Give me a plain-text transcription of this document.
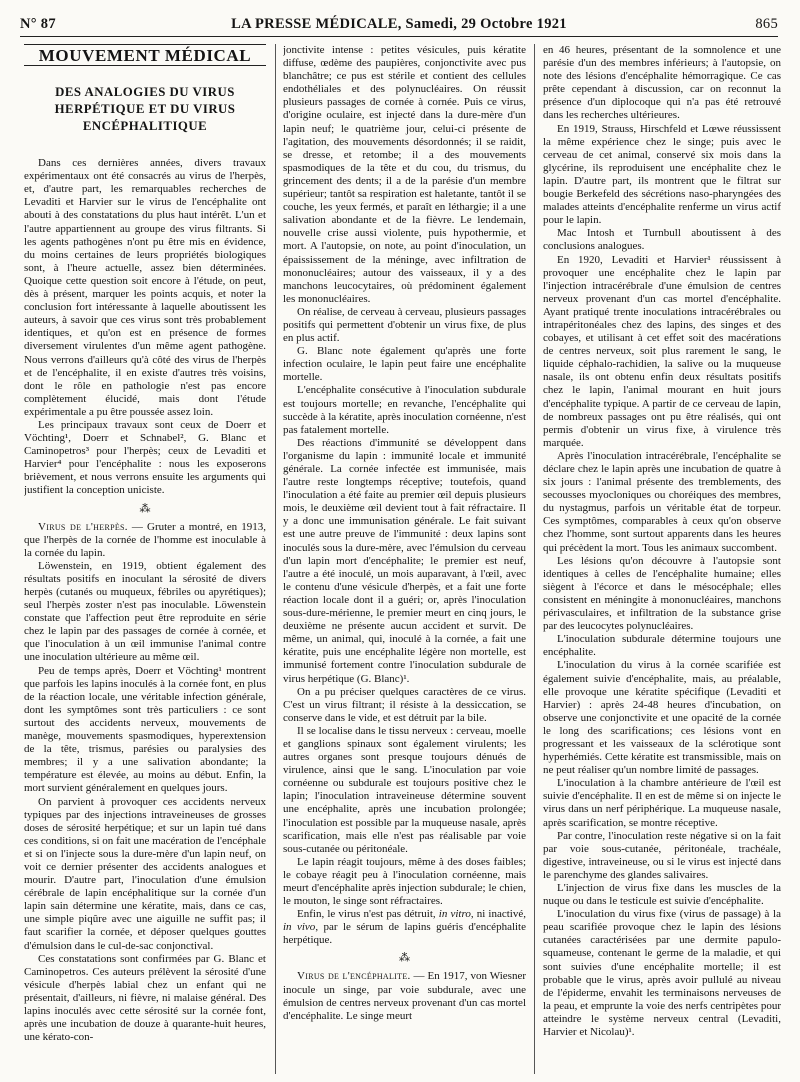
N° 87	LA PRESSE MÉDICALE, Samedi, 29 Octobre 1921	865
MOUVEMENT MÉDICAL
DES ANALOGIES DU VIRUS HERPÉTIQUE ET DU VIRUS ENCÉPHALITIQUE

Dans ces dernières années, divers travaux expérimentaux ont été consacrés au virus de l'herpès, et, d'autre part, les remarquables recherches de Levaditi et Harvier sur le virus de l'encéphalite ont abouti à des constatations du plus haut intérêt. L'un et l'autre appartiennent au groupe des virus filtrants. Si les agents pathogènes n'ont pu être mis en évidence, du moins certaines de leurs propriétés biologiques sont, à l'heure actuelle, assez bien déterminées. Quoique cette question soit encore à l'étude, on peut, dès à présent, marquer les points acquis, et noter la conclusion fort intéressante à laquelle aboutissent les auteurs, à savoir que ces virus sont très probablement identiques, et qu'on est en présence de formes diversement virulentes d'un même agent pathogène. Nous verrons d'ailleurs qu'à côté des virus de l'herpès et de l'encéphalite, il en existe d'autres très voisins, dont le rôle en pathologie n'est pas encore complètement élucidé, mais dont l'étude expérimentale a pu être poussée assez loin.

Les principaux travaux sont ceux de Doerr et Vöchting¹, Doerr et Schnabel², G. Blanc et Caminopetros³ pour l'herpès; ceux de Levaditi et Harvier⁴ pour l'encéphalite : nous les exposerons brièvement, et nous verrons ensuite les arguments qui justifient la conception uniciste.

⁂

Virus de l'herpès. — Gruter a montré, en 1913, que l'herpès de la cornée de l'homme est inoculable à la cornée du lapin.

Löwenstein, en 1919, obtient également des résultats positifs en inoculant la sérosité de divers herpès (cutanés ou muqueux, fébriles ou apyrétiques); seul l'herpès zoster n'est pas inoculable. Löwenstein constate que l'affection peut être reproduite en série chez le lapin par des passages de cornée à cornée, et que l'inoculation à un œil immunise l'animal contre une inoculation ultérieure au même œil.

Peu de temps après, Doerr et Vöchting¹ montrent que parfois les lapins inoculés à la cornée font, en plus de la réaction locale, une véritable infection générale, dont les symptômes sont très particuliers : ce sont surtout des accidents nerveux, mouvements de manège, mouvements spasmodiques, hyperextension de la tête, trismus, parésies ou paralysies des membres; il y a une salivation abondante; la température est élevée, au moins au début. Enfin, la mort survient généralement en quelques jours.

On parvient à provoquer ces accidents nerveux typiques par des injections intraveineuses de grosses doses de sérosité herpétique; et sur un lapin tué dans ces conditions, si on fait une macération de l'encéphale et si on l'injecte sous la dure-mère d'un lapin neuf, on voit ce dernier présenter des accidents analogues et mourir. D'autre part, l'inoculation d'une émulsion cérébrale de lapin encéphalitique sur la cornée d'un lapin sain détermine une kératite, mais, dans ce cas, une simple piqûre avec une aiguille ne suffit pas; il faut scarifier la cornée, et déposer quelques gouttes d'émulsion dans le cul-de-sac conjonctival.

Ces constatations sont confirmées par G. Blanc et Caminopetros. Ces auteurs prélèvent la sérosité d'une vésicule d'herpès labial chez un enfant qui ne présentait, d'ailleurs, ni fièvre, ni malaise général. Des lapins inoculés avec cette sérosité sur la cornée font, après une incubation de douze à quarante-huit heures, une kérato-con-

jonctivite intense : petites vésicules, puis kératite diffuse, œdème des paupières, conjonctivite avec pus blanchâtre; ce pus est stérile et contient des cellules endothéliales et des polynucléaires. On réussit plusieurs passages de cornée à cornée. Puis ce virus, d'origine oculaire, est injecté dans la dure-mère d'un lapin neuf; le quatrième jour, celui-ci présente de l'agitation, des mouvements désordonnés; il se raidit, se dresse, et retombe; il a des mouvements spasmodiques de la tête et du cou, du trismus, du grincement des dents; il a de la parésie d'un membre supérieur; tantôt sa respiration est haletante, tantôt il se couche, les yeux fermés, et paraît en léthargie; il a une salivation abondante et de la fièvre. Le lendemain, nouvelle crise aussi violente, puis hypothermie, et mort. A l'autopsie, on note, au point d'inoculation, un épaississement de la méninge, avec infiltration de mononucléaires; autour des vaisseaux, il y a des manchons leucocytaires, où prédominent également les mononucléaires.

On réalise, de cerveau à cerveau, plusieurs passages positifs qui permettent d'obtenir un virus fixe, de plus en plus actif.

G. Blanc note également qu'après une forte infection oculaire, le lapin peut faire une encéphalite mortelle.

L'encéphalite consécutive à l'inoculation subdurale est toujours mortelle; en revanche, l'encéphalite qui succède à la kératite, après inoculation cornéenne, n'est pas fatalement mortelle.

Des réactions d'immunité se développent dans l'organisme du lapin : immunité locale et immunité générale. La cornée infectée est immunisée, mais l'autre reste longtemps réceptive; toutefois, quand l'inoculation a été faite au premier œil depuis plusieurs mois, le deuxième œil devient tout à fait réfractaire. Il y a donc une immunisation générale. Le fait suivant est une autre preuve de l'immunité : deux lapins sont inoculés sous la dure-mère, avec l'émulsion du cerveau d'un lapin mort d'encéphalite; le premier est neuf, l'autre a été inoculé, un mois auparavant, à l'œil, avec le contenu d'une vésicule d'herpès, et a fait une forte réaction locale dont il a guéri; or, après l'inoculation sous-dure-mérienne, le premier meurt en cinq jours, le deuxième ne présente aucun accident et survit. De même, un animal, qui, inoculé à la cornée, a fait une kératite, puis une encéphalite légère non mortelle, est immunisé fortement contre l'inoculation subdurale de virus herpétique (G. Blanc)¹.

On a pu préciser quelques caractères de ce virus. C'est un virus filtrant; il résiste à la dessiccation, se conserve dans le vide, et est détruit par la bile.

Il se localise dans le tissu nerveux : cerveau, moelle et ganglions spinaux sont également virulents; les autres organes sont presque toujours dénués de virulence, ainsi que le sang. L'inoculation par voie cornéenne ou subdurale est toujours positive chez le lapin; l'inoculation intraveineuse détermine souvent une encéphalite, après une incubation prolongée; l'inoculation est possible par la muqueuse nasale, après scarification, mais elle n'est pas réalisable par voie sous-cutanée ou péritonéale.

Le lapin réagit toujours, même à des doses faibles; le cobaye réagit peu à l'inoculation cornéenne, mais meurt d'encéphalite après injection subdurale; le chien, le mouton, le singe sont réfractaires.

Enfin, le virus n'est pas détruit, in vitro, ni inactivé, in vivo, par le sérum de lapins guéris d'encéphalite herpétique.

⁂

Virus de l'encéphalite. — En 1917, von Wiesner inocule un singe, par voie subdurale, avec une émulsion de centres nerveux provenant d'un cas mortel d'encéphalite. Le singe meurt

en 46 heures, présentant de la somnolence et une parésie d'un des membres inférieurs; à l'autopsie, on note des lésions d'encéphalite hémorragique. Ce cas prête cependant à discussion, car on reconnut la présence d'un diplocoque qui n'a pas été retrouvé dans les recherches ultérieures.

En 1919, Strauss, Hirschfeld et Lœwe réussissent la même expérience chez le singe; puis avec le cerveau de cet animal, conservé six mois dans la glycérine, ils reproduisent une encéphalite chez le lapin. D'autre part, ils montrent que le filtrat sur bougie Berkefeld des sécrétions naso-pharyngées des malades atteints d'encéphalite renferme un virus actif pour le lapin.

Mac Intosh et Turnbull aboutissent à des conclusions analogues.

En 1920, Levaditi et Harvier¹ réussissent à provoquer une encéphalite chez le lapin par l'injection intracérébrale d'une émulsion de centres nerveux provenant d'un cas mortel d'encéphalite. Ayant pratiqué trente inoculations intracérébrales ou intrapéritonéales chez des lapins, des singes et des cobayes, et utilisant à cet effet soit des macérations de centres nerveux, soit plus rarement le sang, le liquide céphalo-rachidien, la salive ou la muqueuse nasale, ils ont obtenu enfin deux résultats positifs chez le lapin, l'animal mourant en huit jours d'encéphalite typique. A partir de ce cerveau de lapin, de nombreux passages ont pu être réalisés, qui ont permis d'obtenir un virus fixe, à virulence très marquée.

Après l'inoculation intracérébrale, l'encéphalite se déclare chez le lapin après une incubation de quatre à six jours : l'animal présente des tremblements, des secousses myocloniques ou choréiques des membres, du nystagmus, parfois un véritable état de torpeur. Ces symptômes, comparables à ceux qu'on observe chez l'homme, sont surtout apparents dans les heures qui précèdent la mort. Tous les animaux succombent.

Les lésions qu'on découvre à l'autopsie sont identiques à celles de l'encéphalite humaine; elles siègent à l'écorce et dans le mésocéphale; elles consistent en méningite à mononucléaires, manchons périvasculaires, et infiltration de la substance grise par des leucocytes polynucléaires.

L'inoculation subdurale détermine toujours une encéphalite.

L'inoculation du virus à la cornée scarifiée est également suivie d'encéphalite, mais, au préalable, elle provoque une kératite spécifique (Levaditi et Harvier) : après 24-48 heures d'incubation, on observe une conjonctivite et une opacité de la cornée le long des scarifications; ces lésions vont en progressant et les vaisseaux de la sclérotique sont hyperhémiés. Cette kératite est transmissible, mais on ne peut réaliser qu'un nombre limité de passages.

L'inoculation à la chambre antérieure de l'œil est suivie d'encéphalite. Il en est de même si on injecte le virus dans un nerf périphérique. La muqueuse nasale, après scarification, se montre réceptive.

Par contre, l'inoculation reste négative si on la fait par voie sous-cutanée, péritonéale, trachéale, digestive, intraveineuse, ou si le virus est injecté dans le parenchyme des glandes salivaires.

L'injection de virus fixe dans les muscles de la nuque ou dans le testicule est suivie d'encéphalite.

L'inoculation du virus fixe (virus de passage) à la peau scarifiée provoque chez le lapin des lésions cutanées caractérisées par une dermite papulo-squameuse, contenant le germe de la maladie, et qui sont suivies d'une encéphalite mortelle; il est probable que le virus, après avoir pullulé au niveau de l'épiderme, envahit les terminaisons nerveuses de la peau, et emprunte la voie des nerfs centripètes pour atteindre le système nerveux central (Levaditi, Harvier et Nicolau)¹.
